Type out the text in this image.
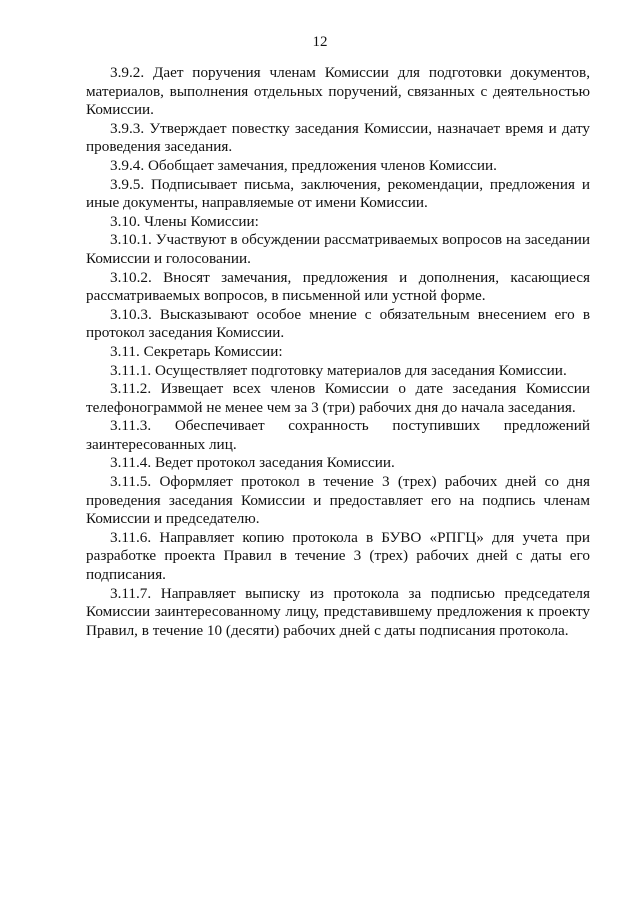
12

3.9.2. Дает поручения членам Комиссии для подготовки документов, материалов, выполнения отдельных поручений, связанных с деятельностью Комиссии.

3.9.3. Утверждает повестку заседания Комиссии, назначает время и дату проведения заседания.

3.9.4. Обобщает замечания, предложения членов Комиссии.

3.9.5. Подписывает письма, заключения, рекомендации, предложения и иные документы, направляемые от имени Комиссии.

3.10. Члены Комиссии:

3.10.1. Участвуют в обсуждении рассматриваемых вопросов на заседании Комиссии и голосовании.

3.10.2. Вносят замечания, предложения и дополнения, касающиеся рассматриваемых вопросов, в письменной или устной форме.

3.10.3. Высказывают особое мнение с обязательным внесением его в протокол заседания Комиссии.

3.11. Секретарь Комиссии:

3.11.1. Осуществляет подготовку материалов для заседания Комиссии.

3.11.2. Извещает всех членов Комиссии о дате заседания Комиссии телефонограммой не менее чем за 3 (три) рабочих дня до начала заседания.

3.11.3. Обеспечивает сохранность поступивших предложений заинтересованных лиц.

3.11.4. Ведет протокол заседания Комиссии.

3.11.5. Оформляет протокол в течение 3 (трех) рабочих дней со дня проведения заседания Комиссии и предоставляет его на подпись членам Комиссии и председателю.

3.11.6. Направляет копию протокола в БУВО «РПГЦ» для учета при разработке проекта Правил в течение 3 (трех) рабочих дней с даты его подписания.

3.11.7. Направляет выписку из протокола за подписью председателя Комиссии заинтересованному лицу, представившему предложения к проекту Правил, в течение 10 (десяти) рабочих дней с даты подписания протокола.
